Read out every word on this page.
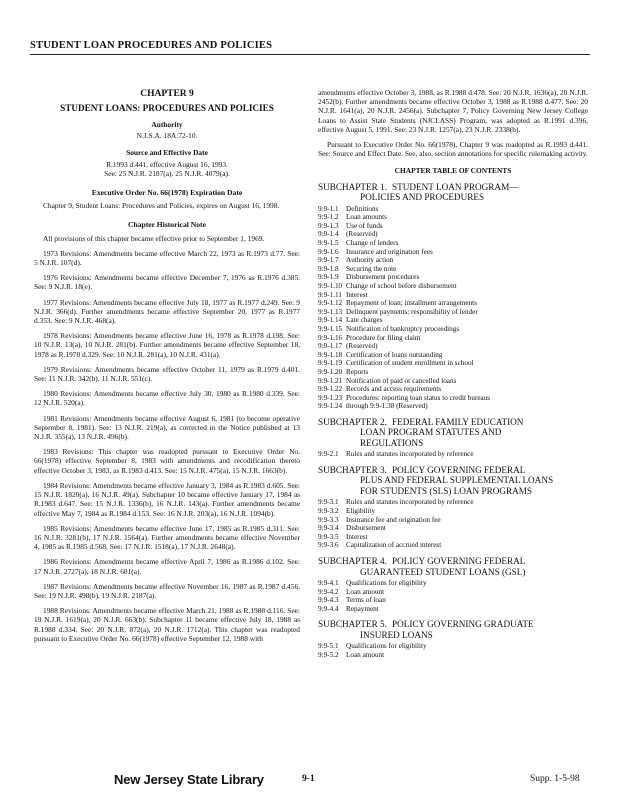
STUDENT LOAN PROCEDURES AND POLICIES
CHAPTER 9
STUDENT LOANS: PROCEDURES AND POLICIES
Authority
N.J.S.A. 18A:72-10.
Source and Effective Date
R.1993 d.441, effective August 16, 1993.
See: 25 N.J.R. 2187(a), 25 N.J.R. 4079(a).
Executive Order No. 66(1978) Expiration Date

Chapter 9, Student Loans: Procedures and Policies, expires on August 16, 1998.

Chapter Historical Note

All provisions of this chapter became effective prior to September 1, 1969.

1973 Revisions: Amendments became effective March 22, 1973 as R.1973 d.77. See: 5 N.J.R. 107(d).

1976 Revisions: Amendments became effective December 7, 1976 as R.1976 d.385. See: 9 N.J.R. 18(e).

1977 Revisions: Amendments became effective July 18, 1977 as R.1977 d.249. See: 9 N.J.R. 366(d). Further amendments became effective September 20, 1977 as R.1977 d.353. See: 9 N.J.R. 468(a).

1978 Revisions: Amendments became effective June 16, 1978 as R.1978 d.198. See: 10 N.J.R. 13(a), 10 N.J.R. 281(b). Further amendments became effective September 18, 1978 as R.1978 d.329. See: 10 N.J.R. 281(a), 10 N.J.R. 431(a).

1979 Revisions: Amendments became effective October 11, 1979 as R.1979 d.401. See: 11 N.J.R. 342(b), 11 N.J.R. 551(c).

1980 Revisions: Amendments became effective July 30, 1980 as R.1980 d.339. See: 12 N.J.R. 520(a).

1981 Revisions: Amendments became effective August 6, 1981 (to become operative September 8, 1981). See: 13 N.J.R. 219(a), as corrected in the Notice published at 13 N.J.R. 355(a), 13 N.J.R. 496(b).

1983 Revisions: This chapter was readopted pursuant to Executive Order No. 66(1978) effective September 8, 1983 with amendments and recodification thereto effective October 3, 1983, as R.1983 d.413. See: 15 N.J.R. 475(a), 15 N.J.R. 1663(b).

1984 Revisions: Amendments became effective January 3, 1984 as R.1983 d.605. See: 15 N.J.R. 1820(a), 16 N.J.R. 49(a). Subchapter 10 became effective January 17, 1984 as R.1983 d.647. See: 15 N.J.R. 1336(b), 16 N.J.R. 143(a). Further amendments became effective May 7, 1984 as R.1984 d.153. See: 16 N.J.R. 203(a), 16 N.J.R. 1094(b).

1985 Revisions: Amendments became effective June 17, 1985 as R.1985 d.311. See: 16 N.J.R. 3281(b), 17 N.J.R. 1564(a). Further amendments became effective November 4, 1985 as R.1985 d.568. See: 17 N.J.R. 1518(a), 17 N.J.R. 2648(a).

1986 Revisions: Amendments became effective April 7, 1986 as R.1986 d.102. See: 17 N.J.R. 2727(a), 18 N.J.R. 681(a).

1987 Revisions: Amendments became effective November 16, 1987 as R.1987 d.456. See: 19 N.J.R. 498(b), 19 N.J.R. 2187(a).

1988 Revisions: Amendments became effective March 21, 1988 as R.1988 d.116. See: 19 N.J.R. 1619(a), 20 N.J.R. 663(b). Subchapter 11 became effective July 18, 1988 as R.1988 d.334. See: 20 N.J.R. 872(a), 20 N.J.R. 1712(a). This chapter was readopted pursuant to Executive Order No. 66(1978) effective September 12, 1988 with

amendments effective October 3, 1988, as R.1988 d.478. See: 20 N.J.R. 1636(a), 20 N.J.R. 2452(b). Further amendments became effective October 3, 1988 as R.1988 d.477. See: 20 N.J.R. 1641(a), 20 N.J.R. 2456(a). Subchapter 7, Policy Governing New Jersey College Loans to Assist State Students (NJCLASS) Program, was adopted as R.1991 d.396, effective August 5, 1991. See: 23 N.J.R. 1257(a), 23 N.J.R. 2338(b).

Pursuant to Executive Order No. 66(1978), Chapter 9 was readopted as R.1993 d.441. See: Source and Effect Date. See, also, section annotations for specific rulemaking activity.

CHAPTER TABLE OF CONTENTS
SUBCHAPTER 1. STUDENT LOAN PROGRAM—
POLICIES AND PROCEDURES
9:9-1.1 Definitions
9:9-1.2 Loan amounts
9:9-1.3 Use of funds
9:9-1.4 (Reserved)
9:9-1.5 Change of lenders
9:9-1.6 Insurance and origination fees
9:9-1.7 Authority action
9:9-1.8 Securing the note
9:9-1.9 Disbursement procedures
9:9-1.10 Change of school before disbursement
9:9-1.11 Interest
9:9-1.12 Repayment of loan; installment arrangements
9:9-1.13 Delinquent payments; responsibility of lender
9:9-1.14 Late charges
9:9-1.15 Notification of bankruptcy proceedings
9:9-1.16 Procedure for filing claim
9:9-1.17 (Reserved)
9:9-1.18 Certification of loans outstanding
9:9-1.19 Certification of student enrollment in school
9:9-1.20 Reports
9:9-1.21 Notification of paid or cancelled loans
9:9-1.22 Records and access requirements
9:9-1.23 Procedures: reporting loan status to credit bureaus
9:9-1.24 through 9:9-1.38 (Reserved)
SUBCHAPTER 2. FEDERAL FAMILY EDUCATION
LOAN PROGRAM STATUTES AND
REGULATIONS
9:9-2.1 Rules and statutes incorporated by reference
SUBCHAPTER 3. POLICY GOVERNING FEDERAL
PLUS AND FEDERAL SUPPLEMENTAL LOANS
FOR STUDENTS (SLS) LOAN PROGRAMS
9:9-3.1 Rules and statutes incorporated by reference
9:9-3.2 Eligibility
9:9-3.3 Insurance fee and origination fee
9:9-3.4 Disbursement
9:9-3.5 Interest
9:9-3.6 Capitalization of accrued interest
SUBCHAPTER 4. POLICY GOVERNING FEDERAL
GUARANTEED STUDENT LOANS (GSL)
9:9-4.1 Qualifications for eligibility
9:9-4.2 Loan amount
9:9-4.3 Terms of loan
9:9-4.4 Repayment
SUBCHAPTER 5. POLICY GOVERNING GRADUATE
INSURED LOANS
9:9-5.1 Qualifications for eligibility
9:9-5.2 Loan amount
New Jersey State Library	9-1	Supp. 1-5-98
